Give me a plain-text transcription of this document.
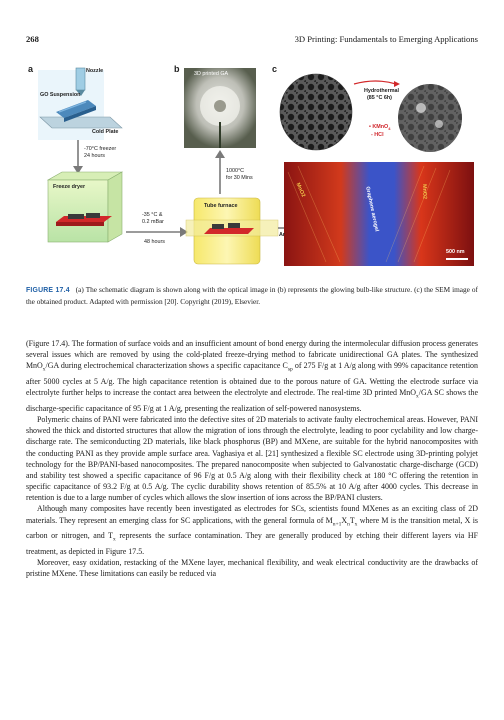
268	3D Printing: Fundamentals to Emerging Applications
a	b	c
Nozzle
GO Suspension
Cold Plate
-70°C freezer
24 hours
Freeze dryer
-35 °C &
0.2 mBar
48 hours
1000°C
for 30 Mins
Tube furnace
Ar
3D printed GA
Hydrothermal
(85 °C 6h)
• KMnO$_4$
- HCl
MnO2	Graphene aerogel	MnO2
500 nm
FIGURE 17.4 (a) The schematic diagram is shown along with the optical image in (b) represents the glowing bulb-like structure. (c) the SEM image of the obtained product. Adapted with permission [20]. Copyright (2019), Elsevier.

(Figure 17.4). The formation of surface voids and an insufficient amount of bond energy during the intermolecular diffusion process generates several issues which are removed by using the cold-plated freeze-drying method to fabricate unidirectional GA plates. The synthesized MnO$_x$/GA during electrochemical characterization shows a specific capacitance $C_{sp}$ of 275 F/g at 1 A/g along with 99% capacitance retention after 5000 cycles at 5 A/g. The high capacitance retention is obtained due to the porous nature of GA. Wetting the electrode surface via electrolyte further helps to increase the contact area between the electrolyte and electrode. The real-time 3D printed MnO$_x$/GA SC shows the discharge-specific capacitance of 95 F/g at 1 A/g, presenting the realization of self-powered nanosystems.

Polymeric chains of PANI were fabricated into the defective sites of 2D materials to activate faulty electrochemical areas. However, PANI showed the thick and distorted structures that allow the migration of ions through the electrolyte, leading to poor cyclability and low charge-discharge rate. The semiconducting 2D materials, like black phosphorus (BP) and MXene, are suitable for the hybrid nanocomposites with the conducting PANI as they provide ample surface area. Vaghasiya et al. [21] synthesized a flexible SC electrode using 3D-printing polyjet technology for the BP/PANI-based nanocomposites. The prepared nanocomposite when subjected to Galvanostatic charge-discharge (GCD) and stability test showed a specific capacitance of 96 F/g at 0.5 A/g along with their flexibility check at 180 °C offering the retention in specific capacitance of 93.2 F/g at 0.5 A/g. The cyclic durability shows retention of 85.5% at 10 A/g after 4000 cycles. This decrease in retention is due to a large number of cycles which allows the slow insertion of ions across the BP/PANI clusters.

Although many composites have recently been investigated as electrodes for SCs, scientists found MXenes as an exciting class of 2D materials. They represent an emerging class for SC applications, with the general formula of $M_{n+1}X_nT_x$ where M is the transition metal, X is carbon or nitrogen, and $T_x$ represents the surface contamination. They are generally produced by etching their different layers via HF treatment, as depicted in Figure 17.5.

Moreover, easy oxidation, restacking of the MXene layer, mechanical flexibility, and weak electrical conductivity are the drawbacks of pristine MXene. These limitations can easily be reduced via
